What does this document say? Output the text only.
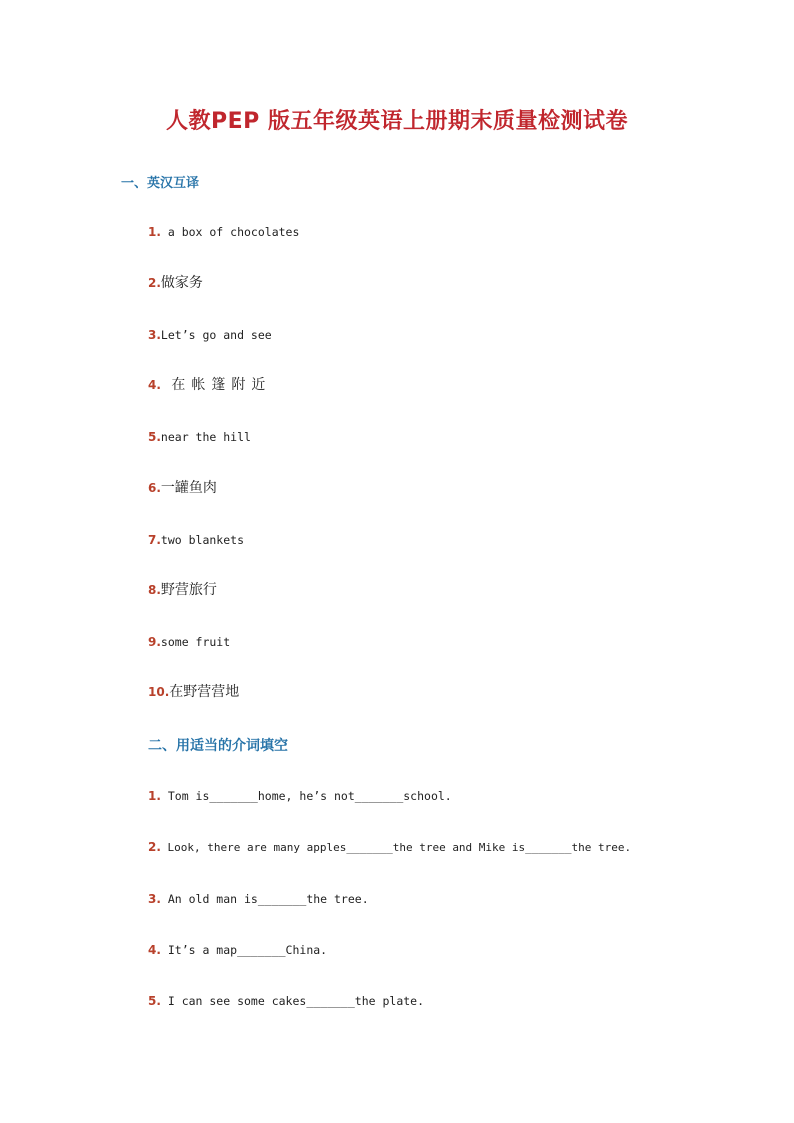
人教PEP 版五年级英语上册期末质量检测试卷
一、英汉互译
1. a box of chocolates
2.做家务
3.Let’s go and see
4. 在帐篷附近
5.near the hill
6.一罐鱼肉
7.two blankets
8.野营旅行
9.some fruit
10.在野营营地
二、用适当的介词填空
1. Tom is_______home, he’s not_______school.
2. Look, there are many apples_______the tree and Mike is_______the tree.
3. An old man is_______the tree.
4. It’s a map_______China.
5. I can see some cakes_______the plate.
